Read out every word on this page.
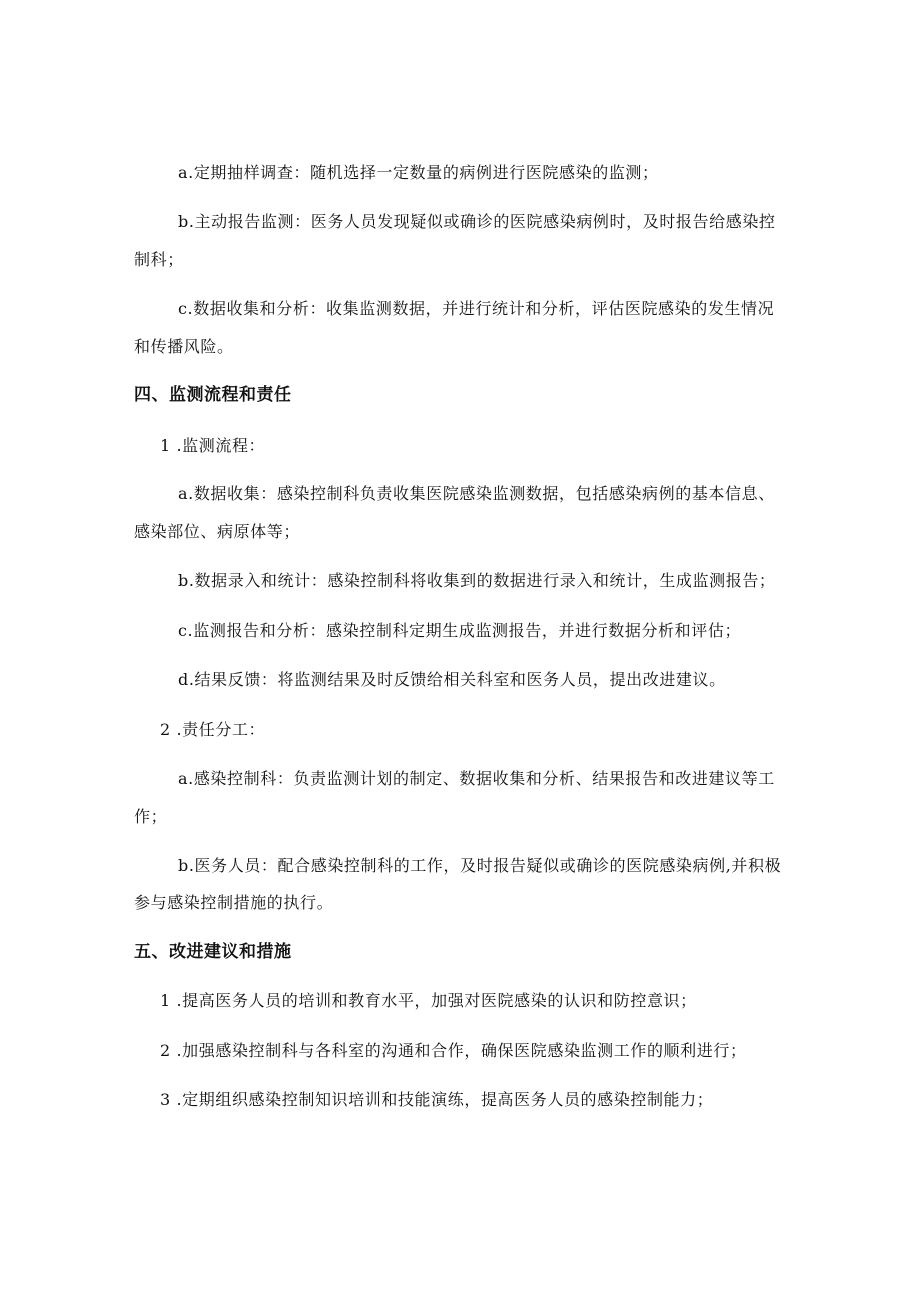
a.定期抽样调查：随机选择一定数量的病例进行医院感染的监测；
b.主动报告监测：医务人员发现疑似或确诊的医院感染病例时，及时报告给感染控
制科；
c.数据收集和分析：收集监测数据，并进行统计和分析，评估医院感染的发生情况
和传播风险。
四、监测流程和责任
1 .监测流程：
a.数据收集：感染控制科负责收集医院感染监测数据，包括感染病例的基本信息、
感染部位、病原体等；
b.数据录入和统计：感染控制科将收集到的数据进行录入和统计，生成监测报告；
c.监测报告和分析：感染控制科定期生成监测报告，并进行数据分析和评估；
d.结果反馈：将监测结果及时反馈给相关科室和医务人员，提出改进建议。
2 .责任分工：
a.感染控制科：负责监测计划的制定、数据收集和分析、结果报告和改进建议等工
作；
b.医务人员：配合感染控制科的工作，及时报告疑似或确诊的医院感染病例,并积极
参与感染控制措施的执行。
五、改进建议和措施
1 .提高医务人员的培训和教育水平，加强对医院感染的认识和防控意识；
2 .加强感染控制科与各科室的沟通和合作，确保医院感染监测工作的顺利进行；
3 .定期组织感染控制知识培训和技能演练，提高医务人员的感染控制能力；
